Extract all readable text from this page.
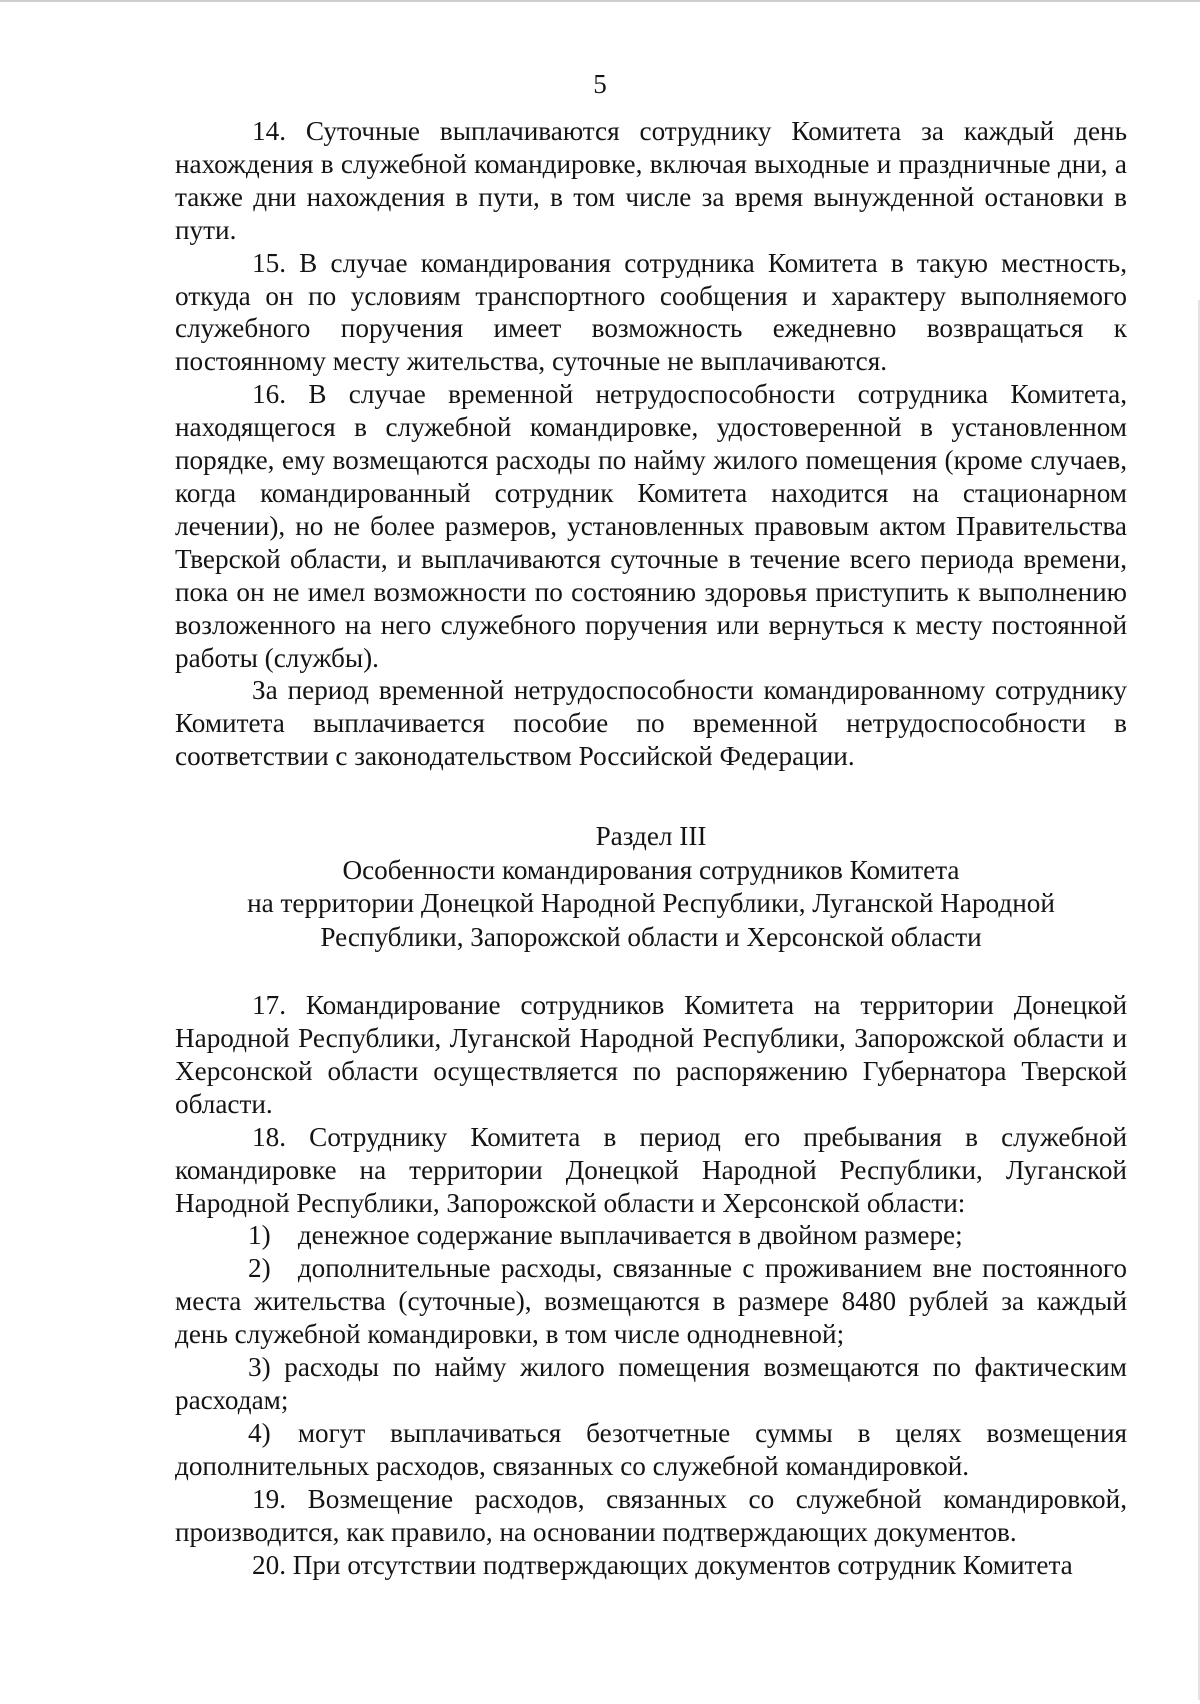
5

14. Суточные выплачиваются сотруднику Комитета за каждый день нахождения в служебной командировке, включая выходные и праздничные дни, а также дни нахождения в пути, в том числе за время вынужденной остановки в пути.

15. В случае командирования сотрудника Комитета в такую местность, откуда он по условиям транспортного сообщения и характеру выполняемого служебного поручения имеет возможность ежедневно возвращаться к постоянному месту жительства, суточные не выплачиваются.

16. В случае временной нетрудоспособности сотрудника Комитета, находящегося в служебной командировке, удостоверенной в установленном порядке, ему возмещаются расходы по найму жилого помещения (кроме случаев, когда командированный сотрудник Комитета находится на стационарном лечении), но не более размеров, установленных правовым актом Правительства Тверской области, и выплачиваются суточные в течение всего периода времени, пока он не имел возможности по состоянию здоровья приступить к выполнению возложенного на него служебного поручения или вернуться к месту постоянной работы (службы).

За период временной нетрудоспособности командированному сотруднику Комитета выплачивается пособие по временной нетрудоспособности в соответствии с законодательством Российской Федерации.

Раздел III
Особенности командирования сотрудников Комитета
на территории Донецкой Народной Республики, Луганской Народной
Республики, Запорожской области и Херсонской области

17. Командирование сотрудников Комитета на территории Донецкой Народной Республики, Луганской Народной Республики, Запорожской области и Херсонской области осуществляется по распоряжению Губернатора Тверской области.

18. Сотруднику Комитета в период его пребывания в служебной командировке на территории Донецкой Народной Республики, Луганской Народной Республики, Запорожской области и Херсонской области:

1) денежное содержание выплачивается в двойном размере;

2) дополнительные расходы, связанные с проживанием вне постоянного места жительства (суточные), возмещаются в размере 8480 рублей за каждый день служебной командировки, в том числе однодневной;

3) расходы по найму жилого помещения возмещаются по фактическим расходам;

4) могут выплачиваться безотчетные суммы в целях возмещения дополнительных расходов, связанных со служебной командировкой.

19. Возмещение расходов, связанных со служебной командировкой, производится, как правило, на основании подтверждающих документов.

20. При отсутствии подтверждающих документов сотрудник Комитета
